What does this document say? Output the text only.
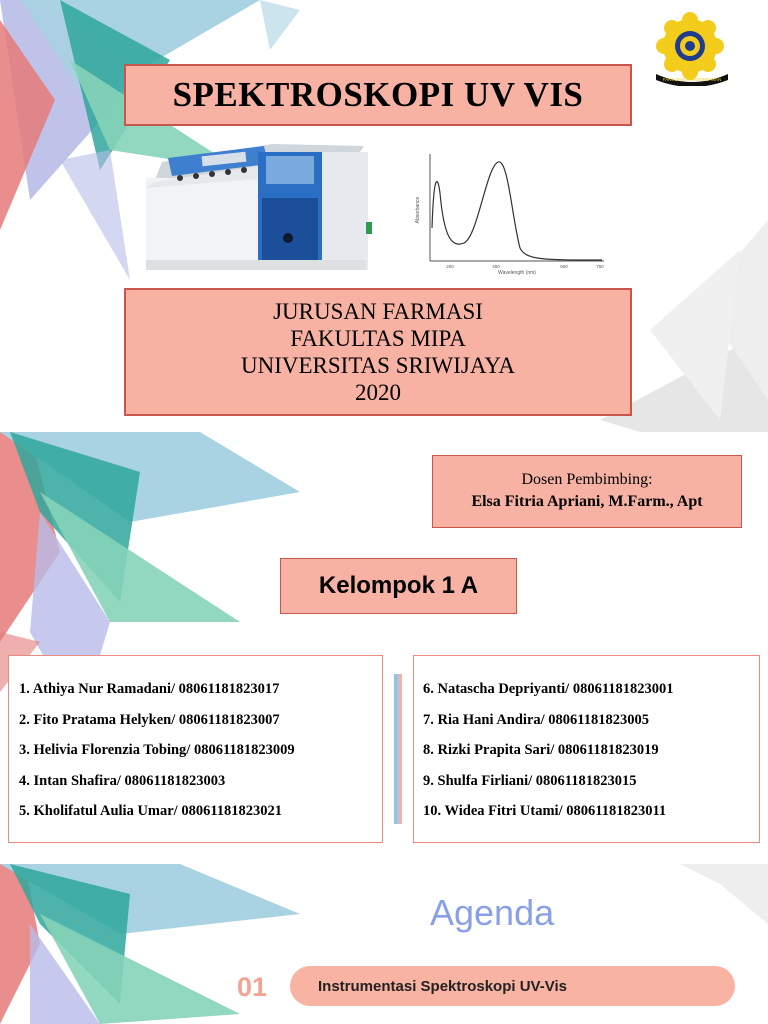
FAKULTAS PENGORBANAN
SPEKTROSKOPI UV VIS
Absorbance
Wavelength (nm)
200	400	600	760
JURUSAN FARMASI
FAKULTAS MIPA
UNIVERSITAS SRIWIJAYA
2020
Dosen Pembimbing:
Elsa Fitria Apriani, M.Farm., Apt
Kelompok 1 A
1. Athiya Nur Ramadani/ 08061181823017
2. Fito Pratama Helyken/ 08061181823007
3. Helivia Florenzia Tobing/ 08061181823009
4. Intan Shafira/ 08061181823003
5. Kholifatul Aulia Umar/ 08061181823021
6. Natascha Depriyanti/ 08061181823001
7. Ria Hani Andira/ 08061181823005
8. Rizki Prapita Sari/ 08061181823019
9. Shulfa Firliani/ 08061181823015
10. Widea Fitri Utami/ 08061181823011
Agenda
01	Instrumentasi Spektroskopi UV-Vis
